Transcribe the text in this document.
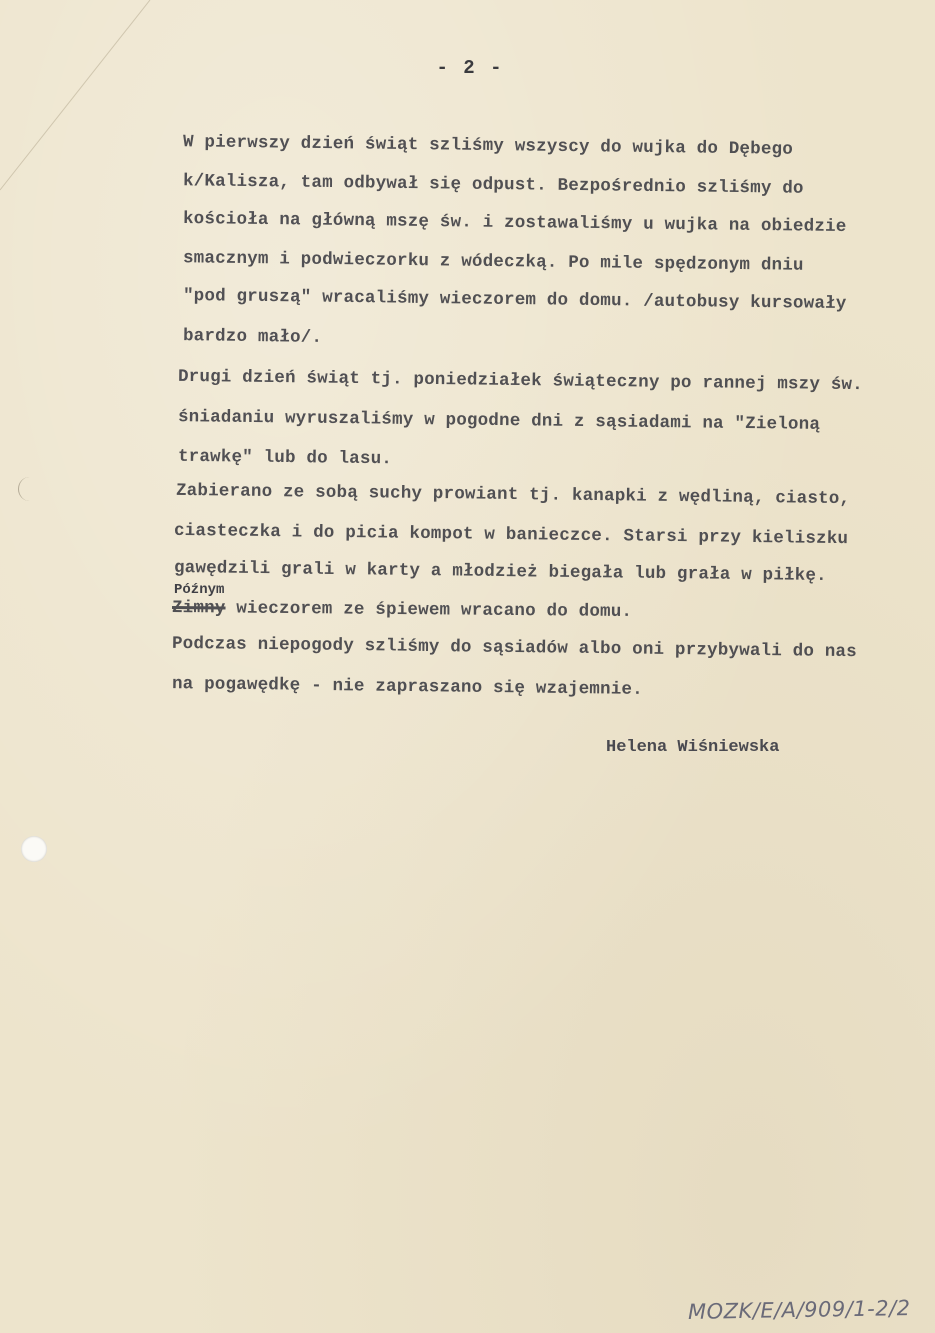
- 2 -
W pierwszy dzień świąt szliśmy wszyscy do wujka do Dębego
k/Kalisza, tam odbywał się odpust. Bezpośrednio szliśmy do
kościoła na główną mszę św. i zostawaliśmy u wujka na obiedzie
smacznym i podwieczorku z wódeczką. Po mile spędzonym dniu
"pod gruszą" wracaliśmy wieczorem do domu. /autobusy kursowały
bardzo mało/.
Drugi dzień świąt tj. poniedziałek świąteczny po rannej mszy św.
śniadaniu wyruszaliśmy w pogodne dni z sąsiadami na "Zieloną
trawkę" lub do lasu.
Zabierano ze sobą suchy prowiant tj. kanapki z wędliną, ciasto,
ciasteczka i do picia kompot w banieczce. Starsi przy kieliszku
gawędzili grali w karty a młodzież biegała lub grała w piłkę.
Późnym
Zimny wieczorem ze śpiewem wracano do domu.
Podczas niepogody szliśmy do sąsiadów albo oni przybywali do nas
na pogawędkę - nie zapraszano się wzajemnie.
Helena Wiśniewska
MOZK/E/A/909/1-2/2
